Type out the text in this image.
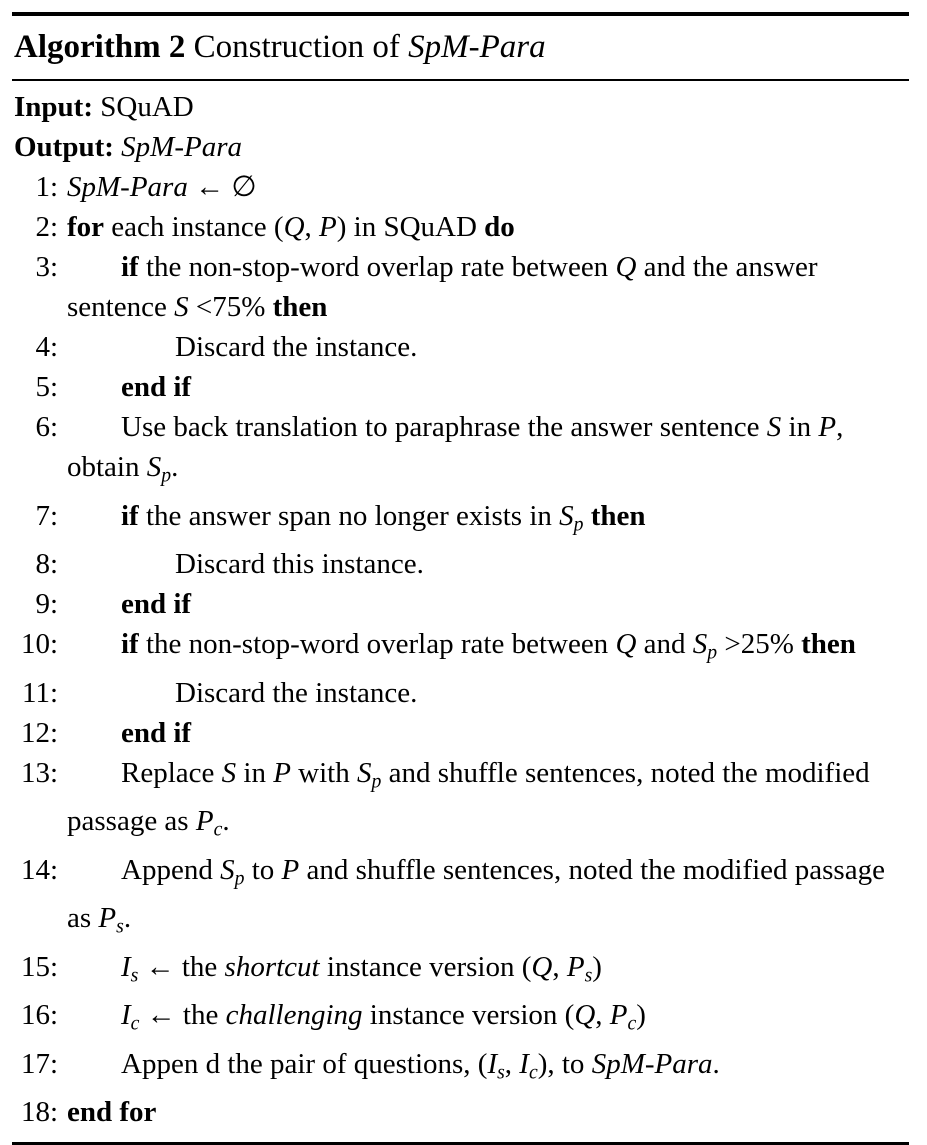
Algorithm 2 Construction of SpM-Para
Input: SQuAD
Output: SpM-Para
1: SpM-Para ← ∅
2: for each instance (Q, P) in SQuAD do
3:	if the non-stop-word overlap rate between Q and the answer sentence S <75% then
4:	Discard the instance.
5:	end if
6:	Use back translation to paraphrase the answer sentence S in P, obtain $S_p$.
7:	if the answer span no longer exists in $S_p$ then
8:	Discard this instance.
9:	end if
10:	if the non-stop-word overlap rate between Q and $S_p >25\%$ then
11:	Discard the instance.
12:	end if
13:	Replace S in P with $S_p$ and shuffle sentences, noted the modified passage as $P_c$.
14:	Append $S_p$ to P and shuffle sentences, noted the modified passage as $P_s$.
15:	$I_s$ ← the shortcut instance version (Q, $P_s$)
16:	$I_c$ ← the challenging instance version (Q, $P_c$)
17:	Appen d the pair of questions, ($I_s$, $I_c$), to SpM-Para.
18: end for
